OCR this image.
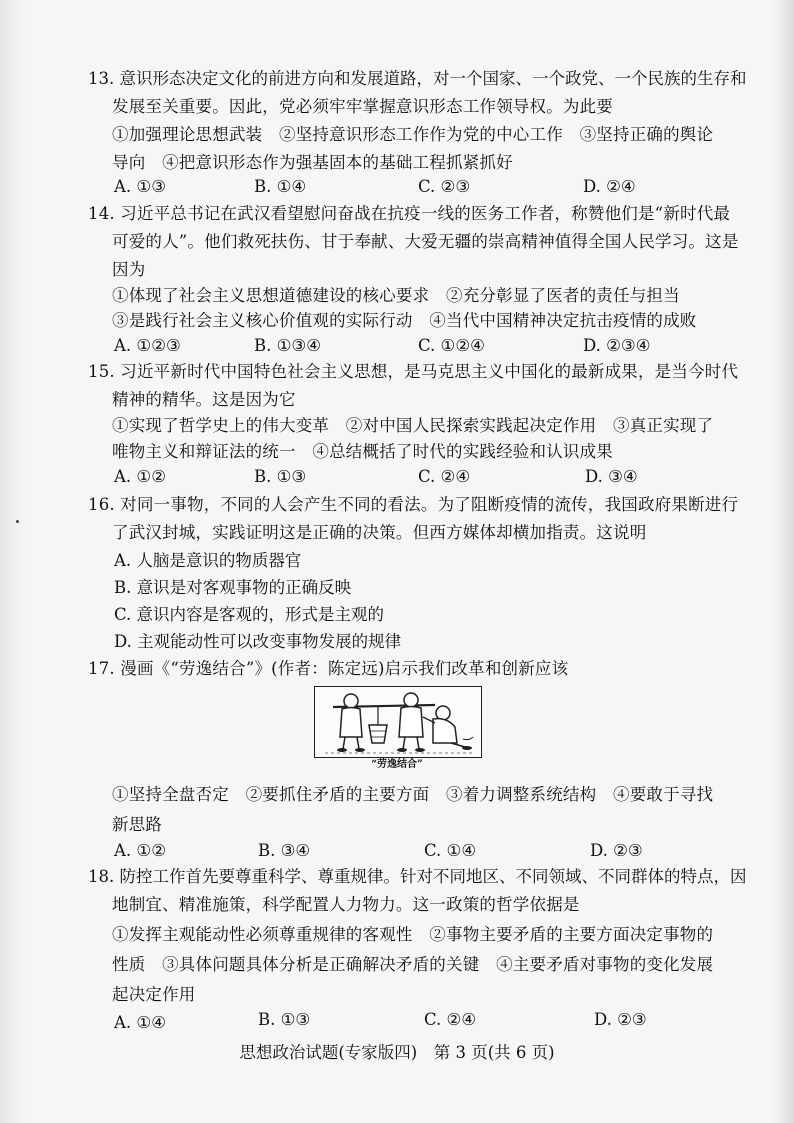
13. 意识形态决定文化的前进方向和发展道路，对一个国家、一个政党、一个民族的生存和
发展至关重要。因此，党必须牢牢掌握意识形态工作领导权。为此要
①加强理论思想武装　②坚持意识形态工作作为党的中心工作　③坚持正确的舆论
导向　④把意识形态作为强基固本的基础工程抓紧抓好
A. ①③	B. ①④	C. ②③	D. ②④
14. 习近平总书记在武汉看望慰问奋战在抗疫一线的医务工作者，称赞他们是“新时代最
可爱的人”。他们救死扶伤、甘于奉献、大爱无疆的崇高精神值得全国人民学习。这是
因为
①体现了社会主义思想道德建设的核心要求　②充分彰显了医者的责任与担当
③是践行社会主义核心价值观的实际行动　④当代中国精神决定抗击疫情的成败
A. ①②③	B. ①③④	C. ①②④	D. ②③④
15. 习近平新时代中国特色社会主义思想，是马克思主义中国化的最新成果，是当今时代
精神的精华。这是因为它
①实现了哲学史上的伟大变革　②对中国人民探索实践起决定作用　③真正实现了
唯物主义和辩证法的统一　④总结概括了时代的实践经验和认识成果
A. ①②	B. ①③	C. ②④	D. ③④
16. 对同一事物，不同的人会产生不同的看法。为了阻断疫情的流传，我国政府果断进行
了武汉封城，实践证明这是正确的决策。但西方媒体却横加指责。这说明
A. 人脑是意识的物质器官
B. 意识是对客观事物的正确反映
C. 意识内容是客观的，形式是主观的
D. 主观能动性可以改变事物发展的规律
17. 漫画《“劳逸结合”》(作者：陈定远)启示我们改革和创新应该
“劳逸结合”
①坚持全盘否定　②要抓住矛盾的主要方面　③着力调整系统结构　④要敢于寻找
新思路
A. ①②	B. ③④	C. ①④	D. ②③
18. 防控工作首先要尊重科学、尊重规律。针对不同地区、不同领域、不同群体的特点，因
地制宜、精准施策，科学配置人力物力。这一政策的哲学依据是
①发挥主观能动性必须尊重规律的客观性　②事物主要矛盾的主要方面决定事物的
性质　③具体问题具体分析是正确解决矛盾的关键　④主要矛盾对事物的变化发展
起决定作用
A. ①④	B. ①③	C. ②④	D. ②③
思想政治试题(专家版四)　第 3 页(共 6 页)
